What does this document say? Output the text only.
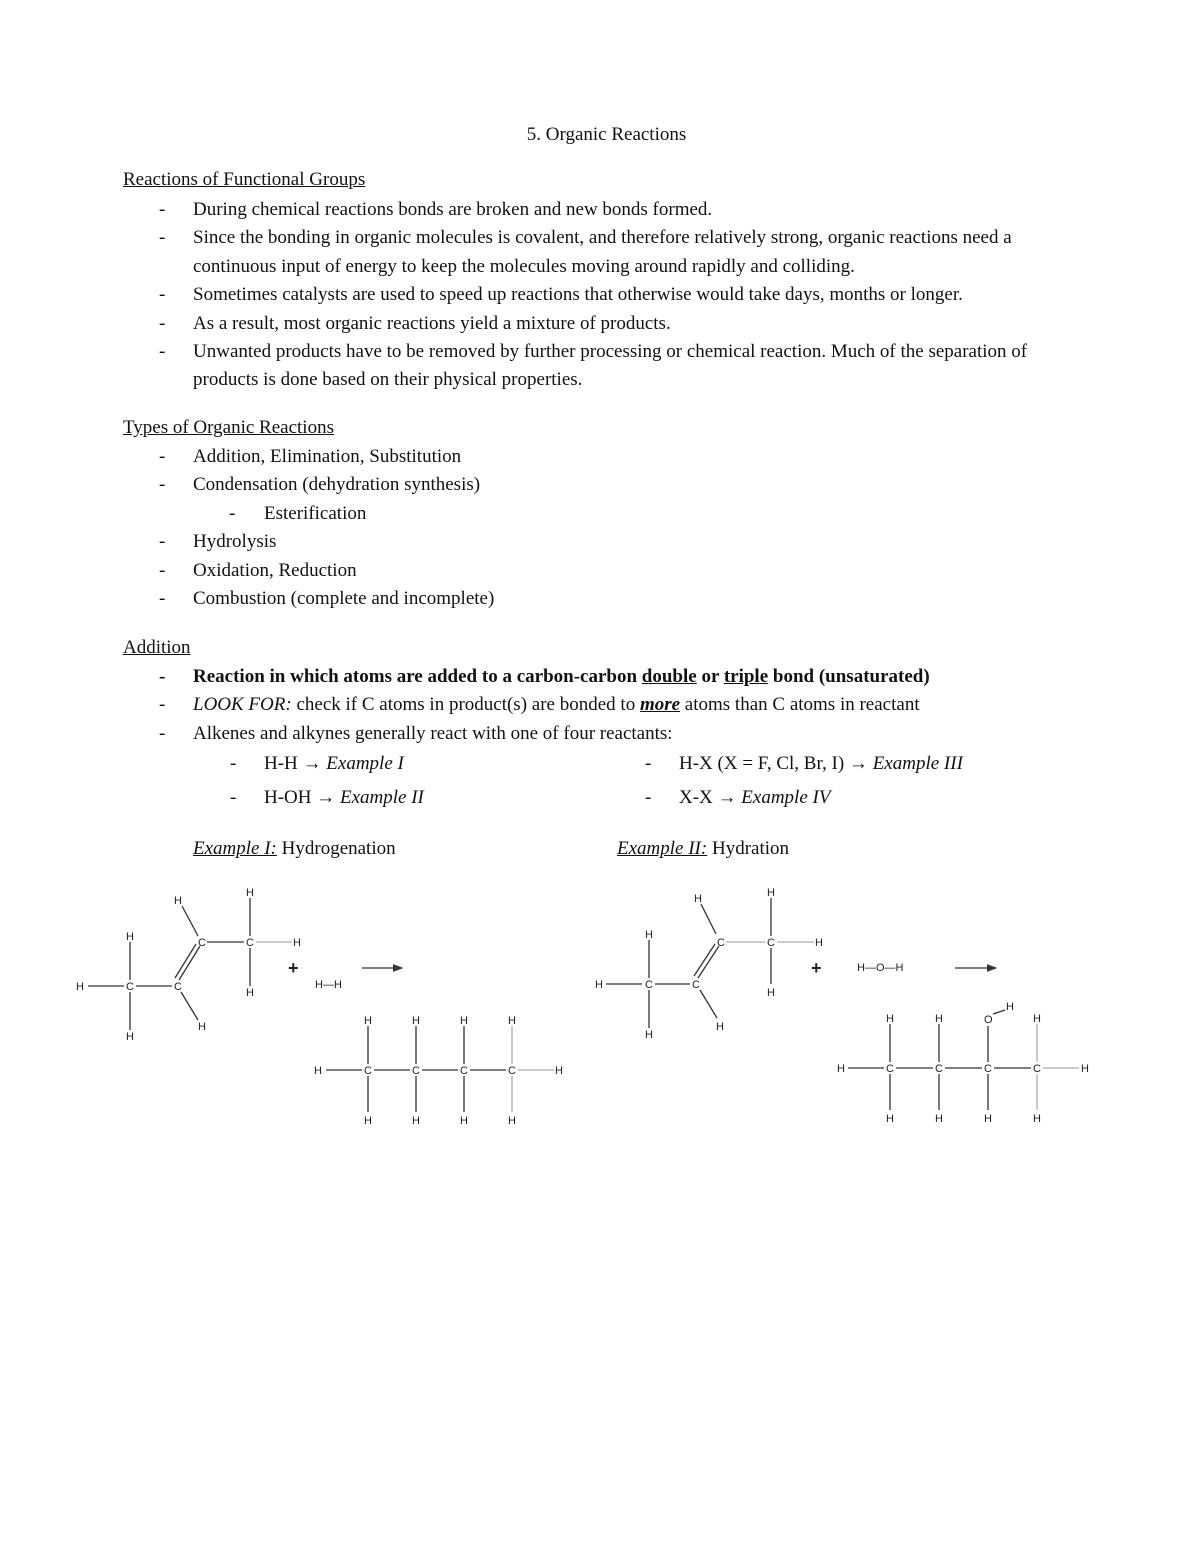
5. Organic Reactions
Reactions of Functional Groups
- During chemical reactions bonds are broken and new bonds formed.
- Since the bonding in organic molecules is covalent, and therefore relatively strong, organic reactions need a continuous input of energy to keep the molecules moving around rapidly and colliding.
- Sometimes catalysts are used to speed up reactions that otherwise would take days, months or longer.
- As a result, most organic reactions yield a mixture of products.
- Unwanted products have to be removed by further processing or chemical reaction. Much of the separation of products is done based on their physical properties.
Types of Organic Reactions
- Addition, Elimination, Substitution
- Condensation (dehydration synthesis)
- Esterification
- Hydrolysis
- Oxidation, Reduction
- Combustion (complete and incomplete)
Addition
- Reaction in which atoms are added to a carbon-carbon double or triple bond (unsaturated)
- LOOK FOR: check if C atoms in product(s) are bonded to more atoms than C atoms in reactant
- Alkenes and alkynes generally react with one of four reactants:
- H-H → Example I
- H-OH → Example II
- H-X (X = F, Cl, Br, I) → Example III
- X-X → Example IV
Example I: Hydrogenation	Example II: Hydration
H	C
H
H
C
H
C
H
C
H
H
H
+
H—H
H	C	C	C	C	H
H	H	H	H
H	H	H	H
H	C
H
H
C
H
C
H
C
H
H
H
+	H—O—H
H	C	C	C	C	H
H	H	O
H
H
H	H	H	H
